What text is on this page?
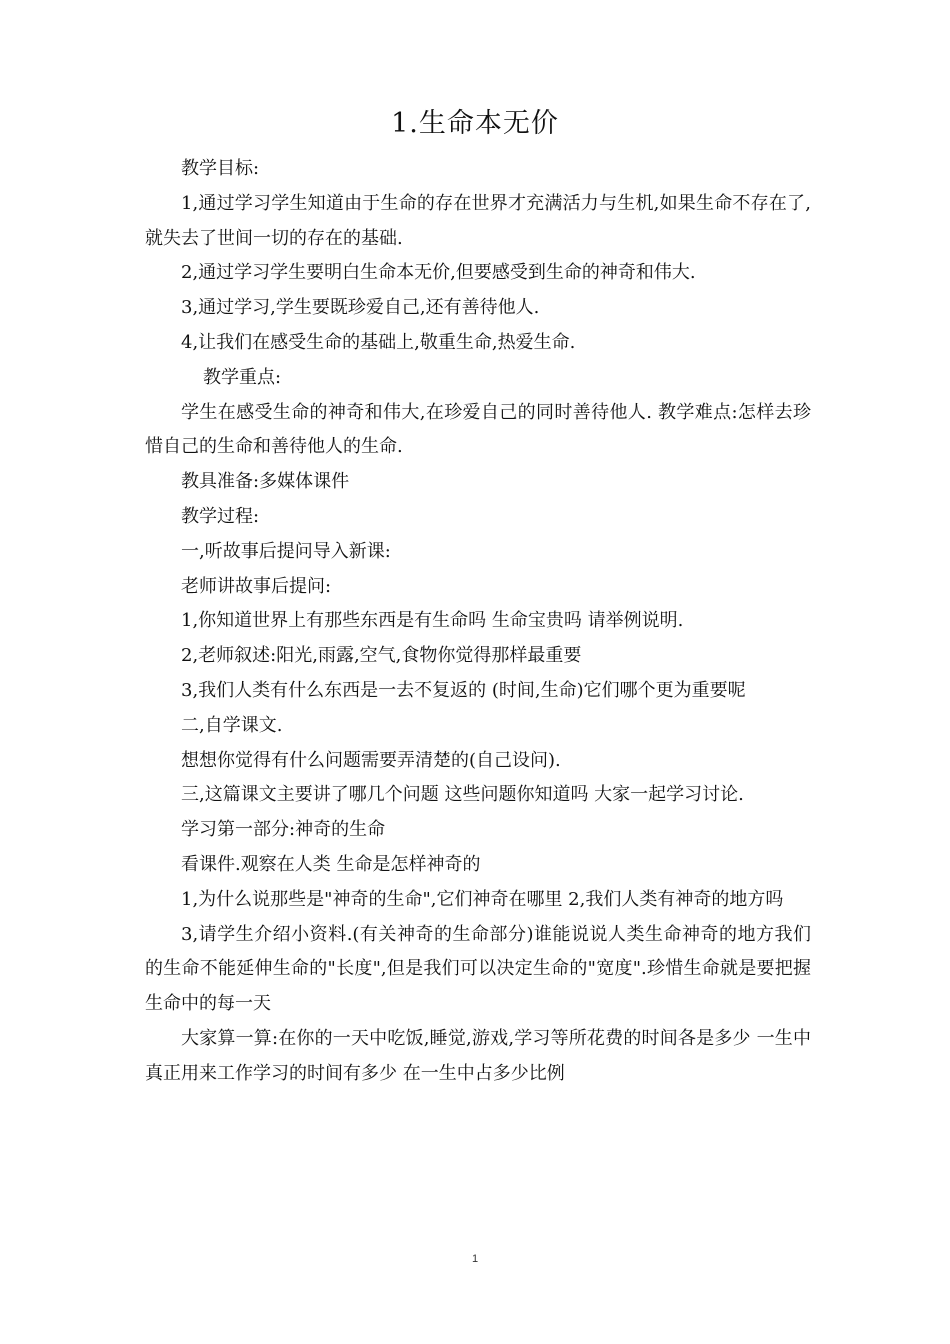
1.生命本无价

教学目标:

1,通过学习学生知道由于生命的存在世界才充满活力与生机,如果生命不存在了,就失去了世间一切的存在的基础.

2,通过学习学生要明白生命本无价,但要感受到生命的神奇和伟大.

3,通过学习,学生要既珍爱自己,还有善待他人.

4,让我们在感受生命的基础上,敬重生命,热爱生命.

教学重点:

学生在感受生命的神奇和伟大,在珍爱自己的同时善待他人. 教学难点:怎样去珍惜自己的生命和善待他人的生命.

教具准备:多媒体课件

教学过程:

一,听故事后提问导入新课:

老师讲故事后提问:

1,你知道世界上有那些东西是有生命吗 生命宝贵吗 请举例说明.

2,老师叙述:阳光,雨露,空气,食物你觉得那样最重要

3,我们人类有什么东西是一去不复返的 (时间,生命)它们哪个更为重要呢

二,自学课文.

想想你觉得有什么问题需要弄清楚的(自己设问).

三,这篇课文主要讲了哪几个问题 这些问题你知道吗 大家一起学习讨论.

学习第一部分:神奇的生命

看课件.观察在人类 生命是怎样神奇的

1,为什么说那些是"神奇的生命",它们神奇在哪里 2,我们人类有神奇的地方吗

3,请学生介绍小资料.(有关神奇的生命部分)谁能说说人类生命神奇的地方我们的生命不能延伸生命的"长度",但是我们可以决定生命的"宽度".珍惜生命就是要把握生命中的每一天

大家算一算:在你的一天中吃饭,睡觉,游戏,学习等所花费的时间各是多少 一生中真正用来工作学习的时间有多少 在一生中占多少比例

1
